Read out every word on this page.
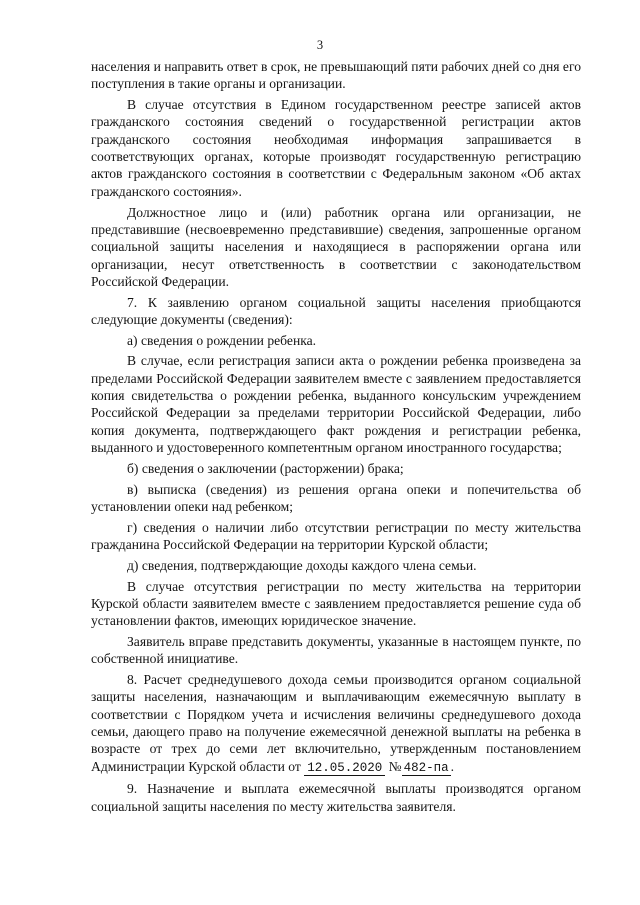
3

населения и направить ответ в срок, не превышающий пяти рабочих дней со дня его поступления в такие органы и организации.

В случае отсутствия в Едином государственном реестре записей актов гражданского состояния сведений о государственной регистрации актов гражданского состояния необходимая информация запрашивается в соответствующих органах, которые производят государственную регистрацию актов гражданского состояния в соответствии с Федеральным законом «Об актах гражданского состояния».

Должностное лицо и (или) работник органа или организации, не представившие (несвоевременно представившие) сведения, запрошенные органом социальной защиты населения и находящиеся в распоряжении органа или организации, несут ответственность в соответствии с законодательством Российской Федерации.

7. К заявлению органом социальной защиты населения приобщаются следующие документы (сведения):

а) сведения о рождении ребенка.

В случае, если регистрация записи акта о рождении ребенка произведена за пределами Российской Федерации заявителем вместе с заявлением предоставляется копия свидетельства о рождении ребенка, выданного консульским учреждением Российской Федерации за пределами территории Российской Федерации, либо копия документа, подтверждающего факт рождения и регистрации ребенка, выданного и удостоверенного компетентным органом иностранного государства;

б) сведения о заключении (расторжении) брака;

в) выписка (сведения) из решения органа опеки и попечительства об установлении опеки над ребенком;

г) сведения о наличии либо отсутствии регистрации по месту жительства гражданина Российской Федерации на территории Курской области;

д) сведения, подтверждающие доходы каждого члена семьи.

В случае отсутствия регистрации по месту жительства на территории Курской области заявителем вместе с заявлением предоставляется решение суда об установлении фактов, имеющих юридическое значение.

Заявитель вправе представить документы, указанные в настоящем пункте, по собственной инициативе.

8. Расчет среднедушевого дохода семьи производится органом социальной защиты населения, назначающим и выплачивающим ежемесячную выплату в соответствии с Порядком учета и исчисления величины среднедушевого дохода семьи, дающего право на получение ежемесячной денежной выплаты на ребенка в возрасте от трех до семи лет включительно, утвержденным постановлением Администрации Курской области от 12.05.2020 № 482-па .

9. Назначение и выплата ежемесячной выплаты производятся органом социальной защиты населения по месту жительства заявителя.
